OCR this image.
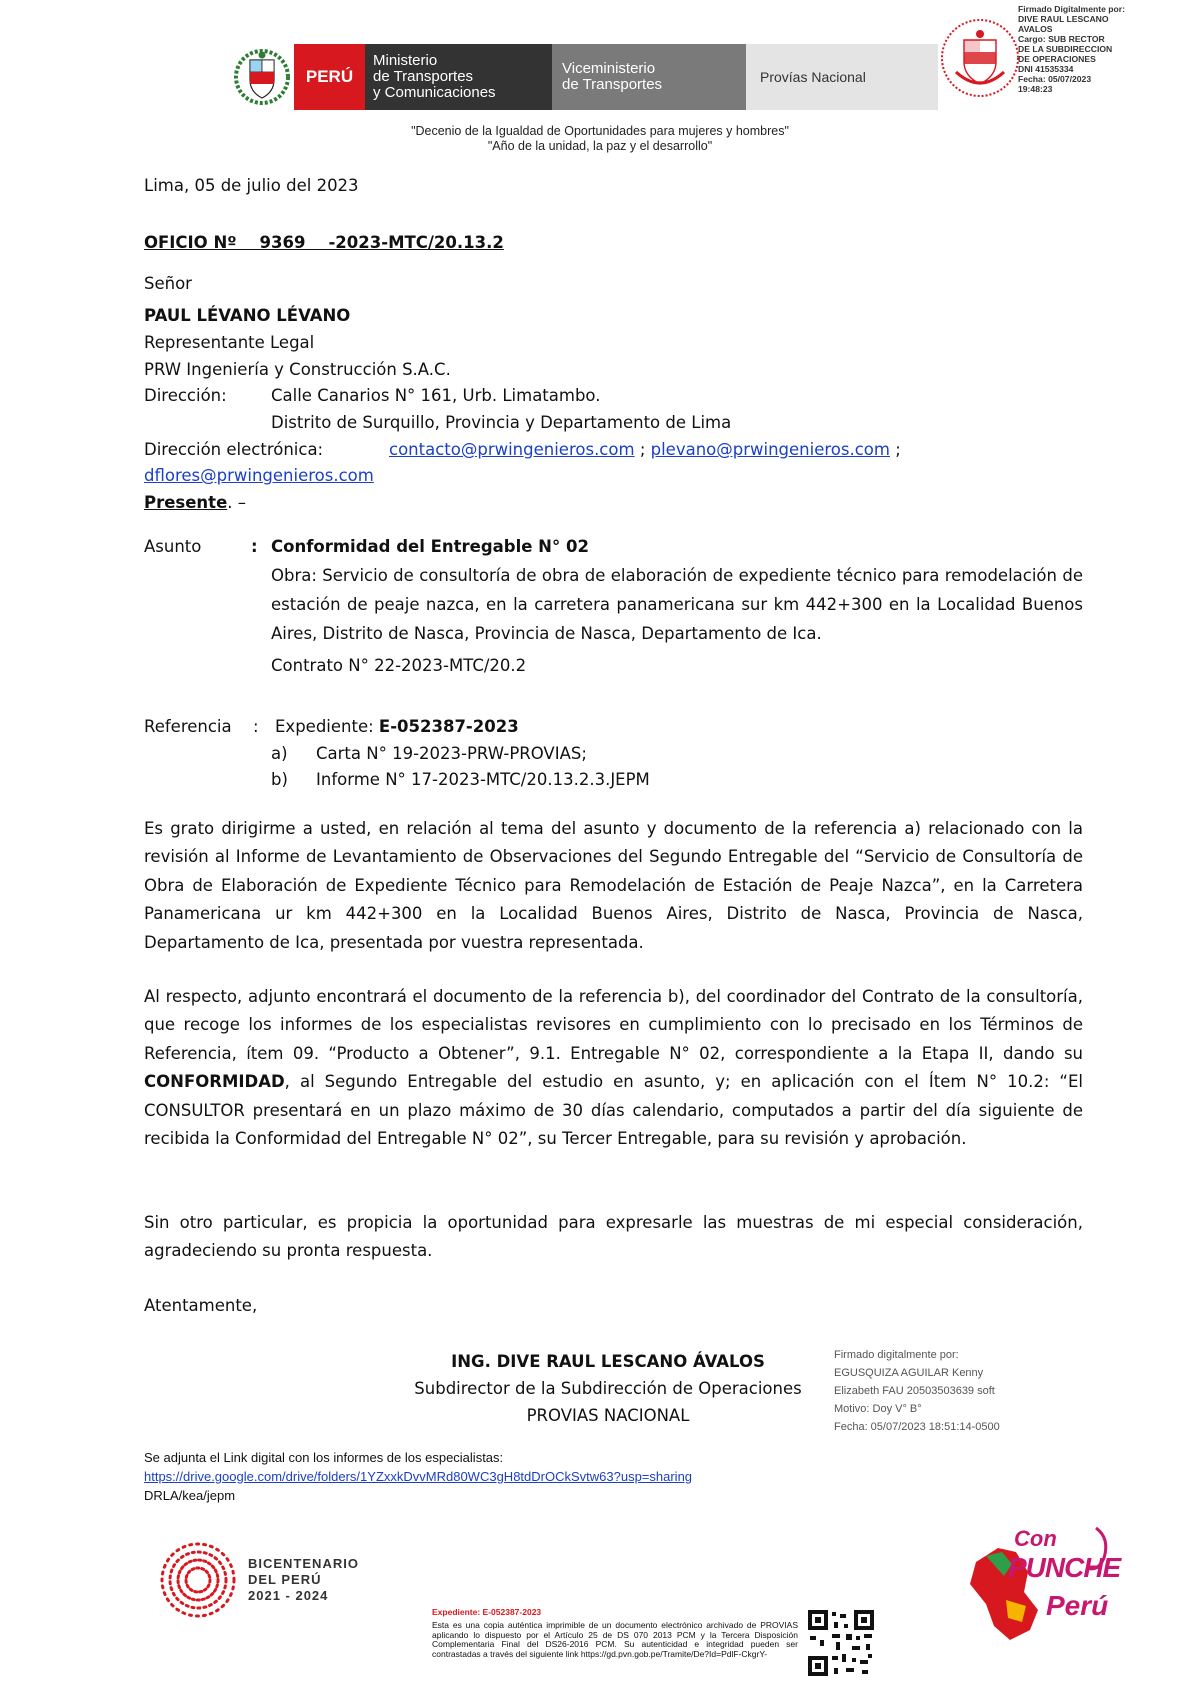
PERÚ
Ministerio
de Transportes
y Comunicaciones
Viceministerio
de Transportes	Provías Nacional
Firmado Digitalmente por:
DIVE RAUL LESCANO
AVALOS
Cargo: SUB RECTOR
DE LA SUBDIRECCION
DE OPERACIONES
DNI 41535334
Fecha: 05/07/2023
19:48:23
"Decenio de la Igualdad de Oportunidades para mujeres y hombres"
"Año de la unidad, la paz y el desarrollo"
Lima, 05 de julio del 2023
OFICIO Nº    9369    -2023-MTC/20.13.2
Señor
PAUL LÉVANO LÉVANO
Representante Legal
PRW Ingeniería y Construcción S.A.C.
Dirección:	Calle Canarios N° 161, Urb. Limatambo.
Distrito de Surquillo, Provincia y Departamento de Lima
Dirección electrónica:	contacto@prwingenieros.com ; plevano@prwingenieros.com ;
dflores@prwingenieros.com
Presente. –
Asunto	: Conformidad del Entregable N° 02
Obra: Servicio de consultoría de obra de elaboración de expediente técnico para remodelación de estación de peaje nazca, en la carretera panamericana sur km 442+300 en la Localidad Buenos Aires, Distrito de Nasca, Provincia de Nasca, Departamento de Ica.
Contrato N° 22-2023-MTC/20.2
Referencia : Expediente: E-052387-2023
a) Carta N° 19-2023-PRW-PROVIAS;
b) Informe N° 17-2023-MTC/20.13.2.3.JEPM
Es grato dirigirme a usted, en relación al tema del asunto y documento de la referencia a) relacionado con la revisión al Informe de Levantamiento de Observaciones del Segundo Entregable del “Servicio de Consultoría de Obra de Elaboración de Expediente Técnico para Remodelación de Estación de Peaje Nazca”, en la Carretera Panamericana ur km 442+300 en la Localidad Buenos Aires, Distrito de Nasca, Provincia de Nasca, Departamento de Ica, presentada por vuestra representada.
Al respecto, adjunto encontrará el documento de la referencia b), del coordinador del Contrato de la consultoría, que recoge los informes de los especialistas revisores en cumplimiento con lo precisado en los Términos de Referencia, ítem 09. “Producto a Obtener”, 9.1. Entregable N° 02, correspondiente a la Etapa II, dando su CONFORMIDAD, al Segundo Entregable del estudio en asunto, y; en aplicación con el Ítem N° 10.2: “El CONSULTOR presentará en un plazo máximo de 30 días calendario, computados a partir del día siguiente de recibida la Conformidad del Entregable N° 02”, su Tercer Entregable, para su revisión y aprobación.
Sin otro particular, es propicia la oportunidad para expresarle las muestras de mi especial consideración, agradeciendo su pronta respuesta.
Atentamente,
ING. DIVE RAUL LESCANO ÁVALOS
Subdirector de la Subdirección de Operaciones
PROVIAS NACIONAL
Firmado digitalmente por:
EGUSQUIZA AGUILAR Kenny
Elizabeth FAU 20503503639 soft
Motivo: Doy V° B°
Fecha: 05/07/2023 18:51:14-0500
Se adjunta el Link digital con los informes de los especialistas:
https://drive.google.com/drive/folders/1YZxxkDvvMRd80WC3gH8tdDrOCkSvtw63?usp=sharing
DRLA/kea/jepm
BICENTENARIO
DEL PERÚ
2021 - 2024
Expediente: E-052387-2023
Esta es una copia auténtica imprimible de un documento electrónico archivado de PROVIAS aplicando lo dispuesto por el Artículo 25 de DS 070 2013 PCM y la Tercera Disposición Complementaria Final del DS26-2016 PCM. Su autenticidad e integridad pueden ser contrastadas a través del siguiente link https://gd.pvn.gob.pe/Tramite/De?Id=PdlF-CkgrY-
Con
PUNCHE
Perú
